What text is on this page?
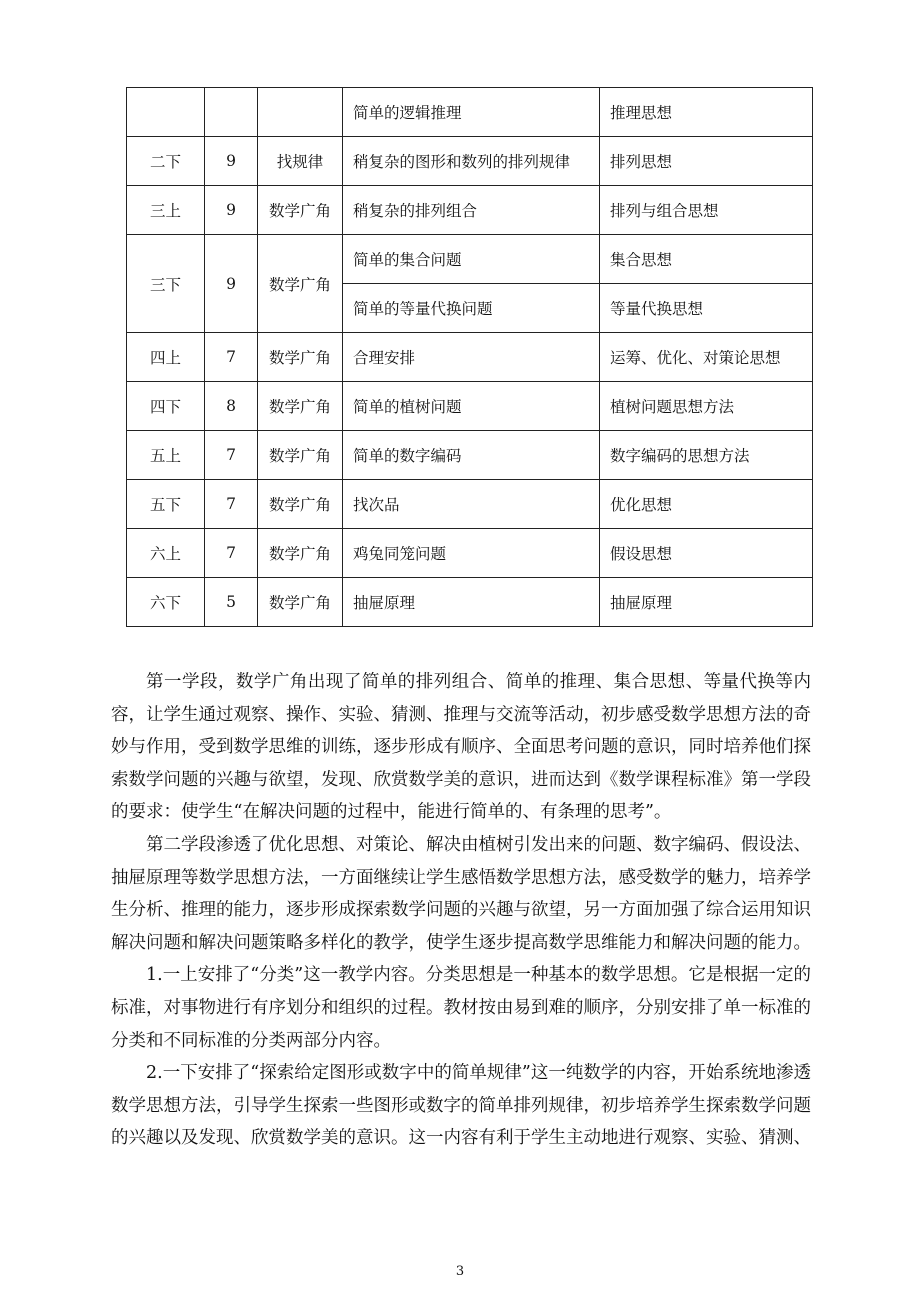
			简单的逻辑推理	推理思想
二下	9	找规律	稍复杂的图形和数列的排列规律	排列思想
三上	9	数学广角	稍复杂的排列组合	排列与组合思想
三下	9	数学广角	简单的集合问题	集合思想
			简单的等量代换问题	等量代换思想
四上	7	数学广角	合理安排	运筹、优化、对策论思想
四下	8	数学广角	简单的植树问题	植树问题思想方法
五上	7	数学广角	简单的数字编码	数字编码的思想方法
五下	7	数学广角	找次品	优化思想
六上	7	数学广角	鸡兔同笼问题	假设思想
六下	5	数学广角	抽屉原理	抽屉原理

第一学段，数学广角出现了简单的排列组合、简单的推理、集合思想、等量代换等内容，让学生通过观察、操作、实验、猜测、推理与交流等活动，初步感受数学思想方法的奇妙与作用，受到数学思维的训练，逐步形成有顺序、全面思考问题的意识，同时培养他们探索数学问题的兴趣与欲望，发现、欣赏数学美的意识，进而达到《数学课程标准》第一学段的要求：使学生“在解决问题的过程中，能进行简单的、有条理的思考”。

第二学段渗透了优化思想、对策论、解决由植树引发出来的问题、数字编码、假设法、抽屉原理等数学思想方法，一方面继续让学生感悟数学思想方法，感受数学的魅力，培养学生分析、推理的能力，逐步形成探索数学问题的兴趣与欲望，另一方面加强了综合运用知识解决问题和解决问题策略多样化的教学，使学生逐步提高数学思维能力和解决问题的能力。

1.一上安排了“分类”这一教学内容。分类思想是一种基本的数学思想。它是根据一定的标准，对事物进行有序划分和组织的过程。教材按由易到难的顺序，分别安排了单一标准的分类和不同标准的分类两部分内容。

2.一下安排了“探索给定图形或数字中的简单规律”这一纯数学的内容，开始系统地渗透数学思想方法，引导学生探索一些图形或数字的简单排列规律，初步培养学生探索数学问题的兴趣以及发现、欣赏数学美的意识。这一内容有利于学生主动地进行观察、实验、猜测、

3
